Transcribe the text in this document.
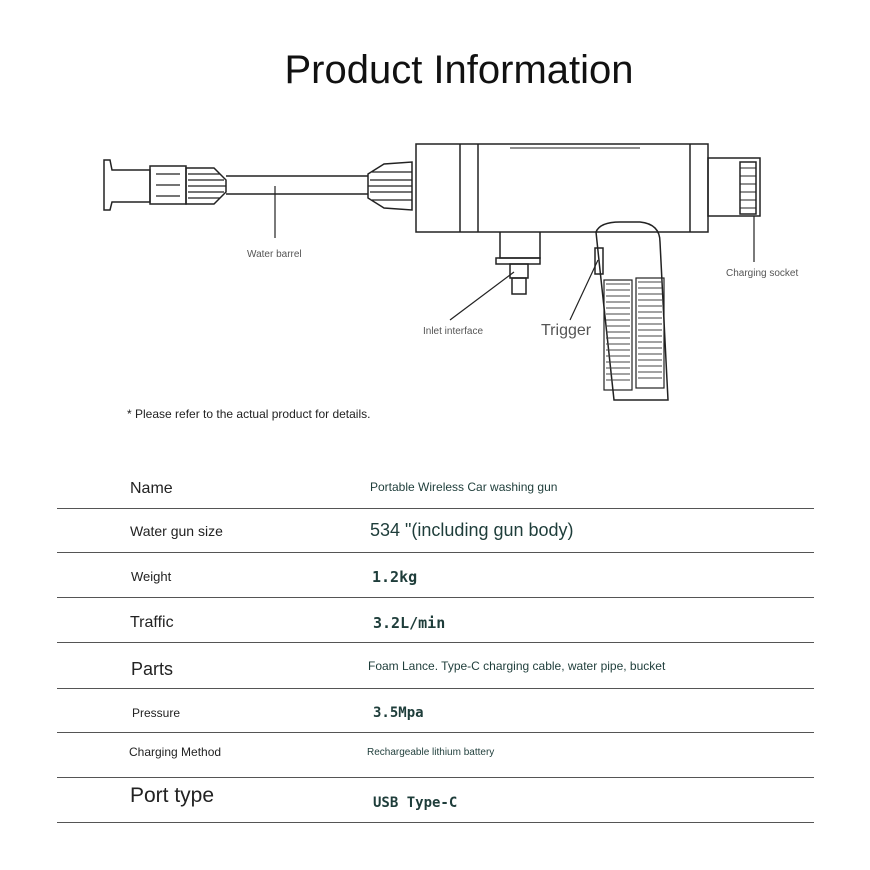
Product Information
Water barrel
Inlet interface	Trigger
Charging socket
* Please refer to the actual product for details.
Name	Portable Wireless Car washing gun
Water gun size	534 "(including gun body)
Weight	1.2kg
Traffic	3.2L/min
Parts	Foam Lance. Type-C charging cable, water pipe, bucket
Pressure	3.5Mpa
Charging Method	Rechargeable lithium battery
Port type	USB Type-C
